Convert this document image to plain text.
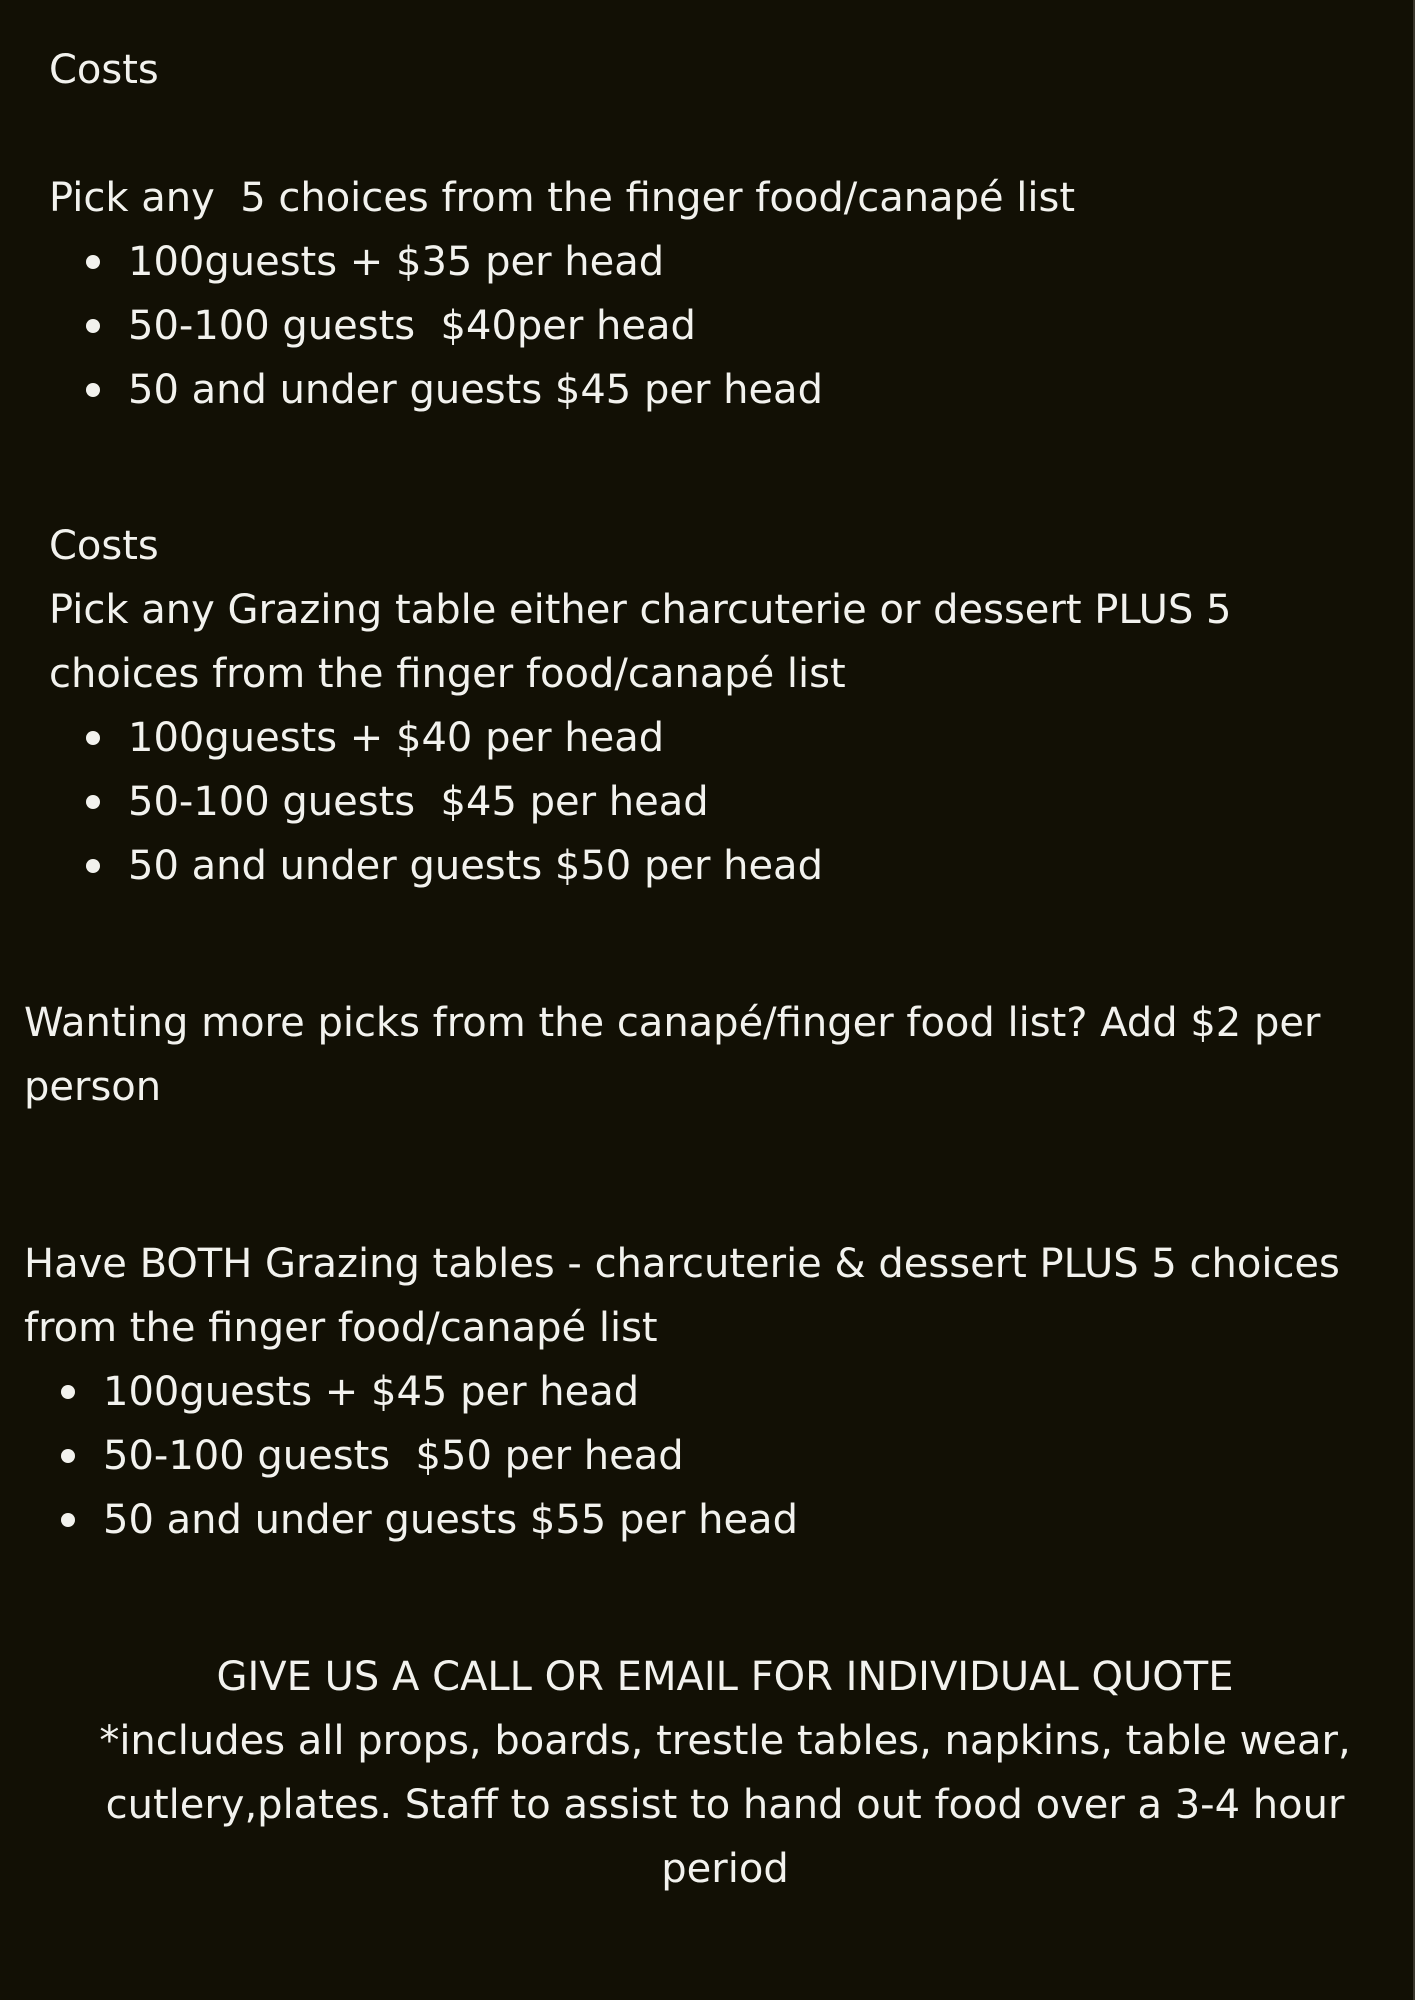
Costs

Pick any  5 choices from the finger food/canapé list

100guests + $35 per head
50-100 guests  $40per head
50 and under guests $45 per head

Costs

Pick any Grazing table either charcuterie or dessert PLUS 5 choices from the finger food/canapé list

100guests + $40 per head
50-100 guests  $45 per head
50 and under guests $50 per head

Wanting more picks from the canapé/finger food list? Add $2 per person

Have BOTH Grazing tables - charcuterie & dessert PLUS 5 choices from the finger food/canapé list

100guests + $45 per head
50-100 guests  $50 per head
50 and under guests $55 per head

GIVE US A CALL OR EMAIL FOR INDIVIDUAL QUOTE

*includes all props, boards, trestle tables, napkins, table wear, cutlery,plates. Staff to assist to hand out food over a 3-4 hour period
